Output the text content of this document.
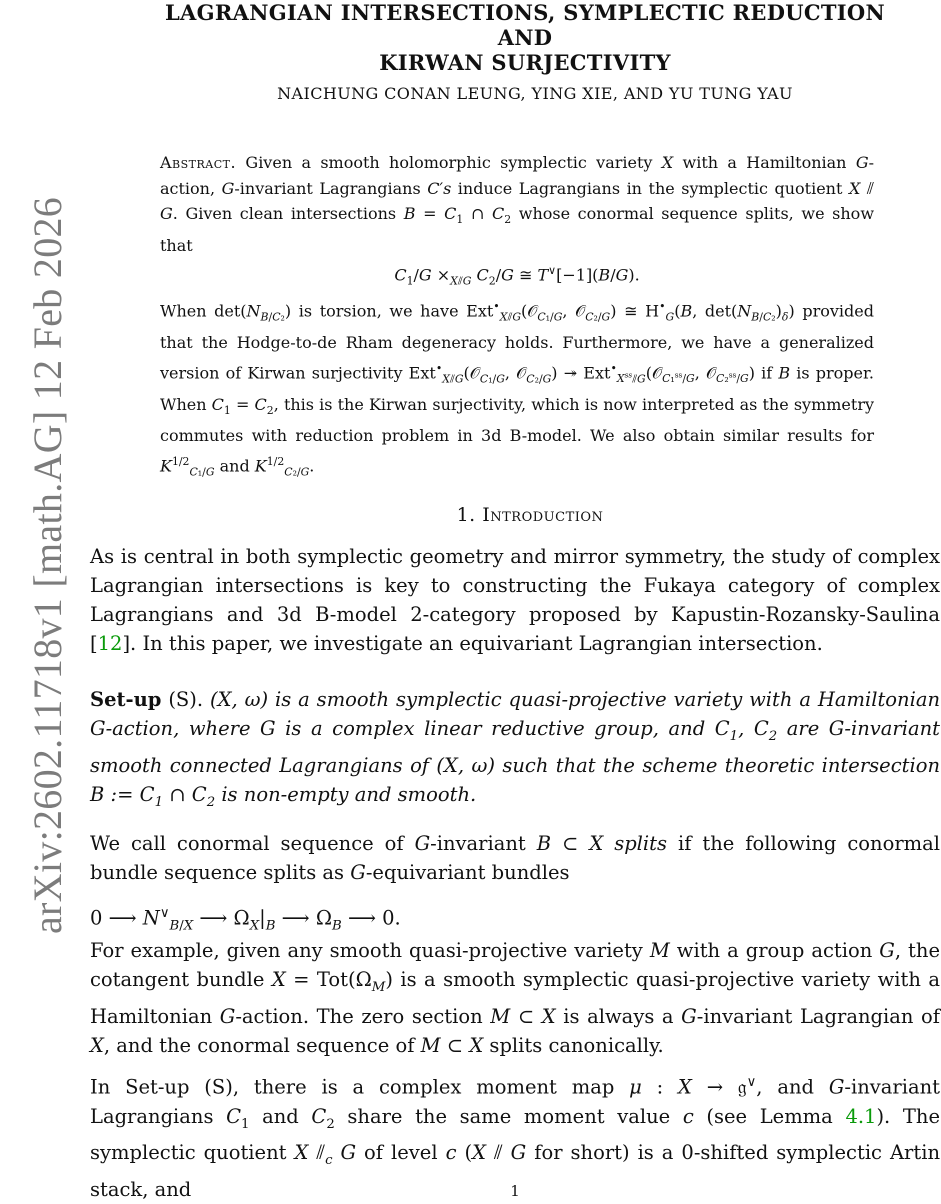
arXiv:2602.11718v1 [math.AG] 12 Feb 2026
LAGRANGIAN INTERSECTIONS, SYMPLECTIC REDUCTION AND
KIRWAN SURJECTIVITY
NAICHUNG CONAN LEUNG, YING XIE, AND YU TUNG YAU
Abstract. Given a smooth holomorphic symplectic variety X with a Hamiltonian G-action, G-invariant Lagrangians C′s induce Lagrangians in the symplectic quotient X ⫽ G. Given clean intersections $B = C_1$ ∩ $C_2$ whose conormal sequence splits, we show that
$C_1/G \times_{X⫽G}$ $C_2/G$ ≅ T∨[−1](B/G).
When $\det(N_{B/C_2})$ is torsion, we have Ext•$_{X⫽G}$(𝒪$_{C_1/G}$, 𝒪$_{C_2/G}$) ≅ $H^•_G(B$, $\det(N_{B/C_2})_\delta$) provided that the Hodge-to-de Rham degeneracy holds. Furthermore, we have a generalized version of Kirwan surjectivity Ext•$_{X⫽G}$(𝒪$_{C_1/G}$, 𝒪$_{C_2/G}$) ↠ Ext•$_{X^{ss}⫽G}$(𝒪$_{C_1^{ss}/G}$, 𝒪$_{C_2^{ss}/G}$) if B is proper. When $C_1 = C_2$, this is the Kirwan surjectivity, which is now interpreted as the symmetry commutes with reduction problem in 3d B-model. We also obtain similar results for $K^{1/2}_{C_1/G}$ and $K^{1/2}_{C_2/G}$.
1. Introduction
As is central in both symplectic geometry and mirror symmetry, the study of complex Lagrangian intersections is key to constructing the Fukaya category of complex Lagrangians and 3d B-model 2-category proposed by Kapustin-Rozansky-Saulina [12]. In this paper, we investigate an equivariant Lagrangian intersection.
Set-up (S). (X, ω) is a smooth symplectic quasi-projective variety with a Hamiltonian G-action, where G is a complex linear reductive group, and $C_1$, $C_2$ are G-invariant smooth connected Lagrangians of (X, ω) such that the scheme theoretic intersection B := $C_1$ ∩ $C_2$ is non-empty and smooth.
We call conormal sequence of G-invariant B ⊂ X splits if the following conormal bundle sequence splits as G-equivariant bundles
0 ⟶ $N^\vee_{B/X}$ ⟶ $\Omega_X|_B$ ⟶ $\Omega_B$ ⟶ 0.
For example, given any smooth quasi-projective variety M with a group action G, the cotangent bundle $X = Tot(\Omega_M)$ is a smooth symplectic quasi-projective variety with a Hamiltonian G-action. The zero section M ⊂ X is always a G-invariant Lagrangian of X, and the conormal sequence of M ⊂ X splits canonically.
In Set-up (S), there is a complex moment map μ : X → 𝔤∨, and G-invariant Lagrangians $C_1$ and $C_2$ share the same moment value c (see Lemma 4.1). The symplectic quotient X $⫽_c$ G of level c (X ⫽ G for short) is a 0-shifted symplectic Artin stack, and	1
